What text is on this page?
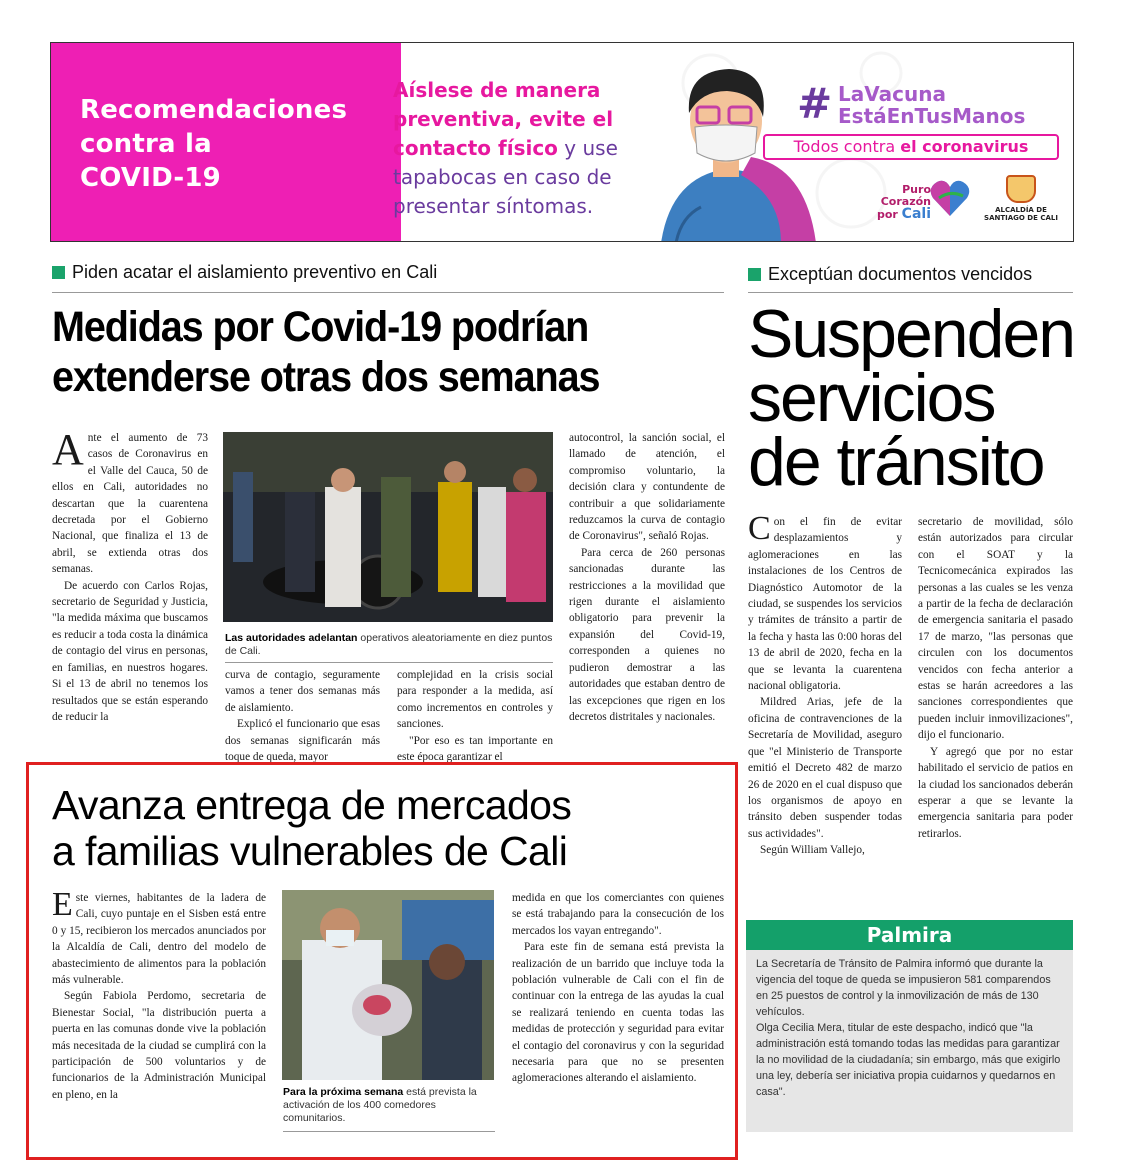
Recomendaciones
contra la
COVID-19
Aíslese de manera preventiva, evite el contacto físico y use tapabocas en caso de presentar síntomas.
# LaVacuna
EstáEnTusManos
Todos contra el coronavirus
Puro
Corazón por Cali	ALCALDÍA DE
SANTIAGO DE CALI
Piden acatar el aislamiento preventivo en Cali	Exceptúan documentos vencidos
Medidas por Covid-19 podrían
extenderse otras dos semanas
Suspenden
servicios
de tránsito

Ante el aumento de 73 casos de Coronavirus en el Valle del Cauca, 50 de ellos en Cali, autoridades no descartan que la cuarentena decretada por el Gobierno Nacional, que finaliza el 13 de abril, se extienda otras dos semanas.

De acuerdo con Carlos Rojas, secretario de Seguridad y Justicia, "la medida máxima que buscamos es reducir a toda costa la dinámica de contagio del virus en personas, en familias, en nuestros hogares. Si el 13 de abril no tenemos los resultados que se están esperando de reducir la

Las autoridades adelantan operativos aleatoriamente en diez puntos de Cali.

curva de contagio, seguramente vamos a tener dos semanas más de aislamiento.

Explicó el funcionario que esas dos semanas significarán más toque de queda, mayor

complejidad en la crisis social para responder a la medida, así como incrementos en controles y sanciones.

"Por eso es tan importante en este época garantizar el

autocontrol, la sanción social, el llamado de atención, el compromiso voluntario, la decisión clara y contundente de contribuir a que solidariamente reduzcamos la curva de contagio de Coronavirus", señaló Rojas.

Para cerca de 260 personas sancionadas durante las restricciones a la movilidad que rigen durante el aislamiento obligatorio para prevenir la expansión del Covid-19, corresponden a quienes no pudieron demostrar a las autoridades que estaban dentro de las excepciones que rigen en los decretos distritales y nacionales.

Con el fin de evitar desplazamientos y aglomeraciones en las instalaciones de los Centros de Diagnóstico Automotor de la ciudad, se suspendes los servicios y trámites de tránsito a partir de la fecha y hasta las 0:00 horas del 13 de abril de 2020, fecha en la que se levanta la cuarentena nacional obligatoria.

Mildred Arias, jefe de la oficina de contravenciones de la Secretaría de Movilidad, aseguro que "el Ministerio de Transporte emitió el Decreto 482 de marzo 26 de 2020 en el cual dispuso que los organismos de apoyo en tránsito deben suspender todas sus actividades".

Según William Vallejo,

secretario de movilidad, sólo están autorizados para circular con el SOAT y la Tecnicomecánica expirados las personas a las cuales se les venza a partir de la fecha de declaración de emergencia sanitaria el pasado 17 de marzo, "las personas que circulen con los documentos vencidos con fecha anterior a estas se harán acreedores a las sanciones correspondientes que pueden incluir inmovilizaciones", dijo el funcionario.

Y agregó que por no estar habilitado el servicio de patios en la ciudad los sancionados deberán esperar a que se levante la emergencia sanitaria para poder retirarlos.

Avanza entrega de mercados
a familias vulnerables de Cali

Este viernes, habitantes de la ladera de Cali, cuyo puntaje en el Sisben está entre 0 y 15, recibieron los mercados anunciados por la Alcaldía de Cali, dentro del modelo de abastecimiento de alimentos para la población más vulnerable.

Según Fabiola Perdomo, secretaria de Bienestar Social, "la distribución puerta a puerta en las comunas donde vive la población más necesitada de la ciudad se cumplirá con la participación de 500 voluntarios y de funcionarios de la Administración Municipal en pleno, en la	Para la próxima semana está prevista la activación de los 400 comedores comunitarios.

medida en que los comerciantes con quienes se está trabajando para la consecución de los mercados los vayan entregando".

Para este fin de semana está prevista la realización de un barrido que incluye toda la población vulnerable de Cali con el fin de continuar con la entrega de las ayudas la cual se realizará teniendo en cuenta todas las medidas de protección y seguridad para evitar el contagio del coronavirus y con la seguridad necesaria para que no se presenten aglomeraciones alterando el aislamiento.

Palmira

La Secretaría de Tránsito de Palmira informó que durante la vigencia del toque de queda se impusieron 581 comparendos en 25 puestos de control y la inmovilización de más de 130 vehículos.

Olga Cecilia Mera, titular de este despacho, indicó que "la administración está tomando todas las medidas para garantizar la no movilidad de la ciudadanía; sin embargo, más que exigirlo una ley, debería ser iniciativa propia cuidarnos y quedarnos en casa".
